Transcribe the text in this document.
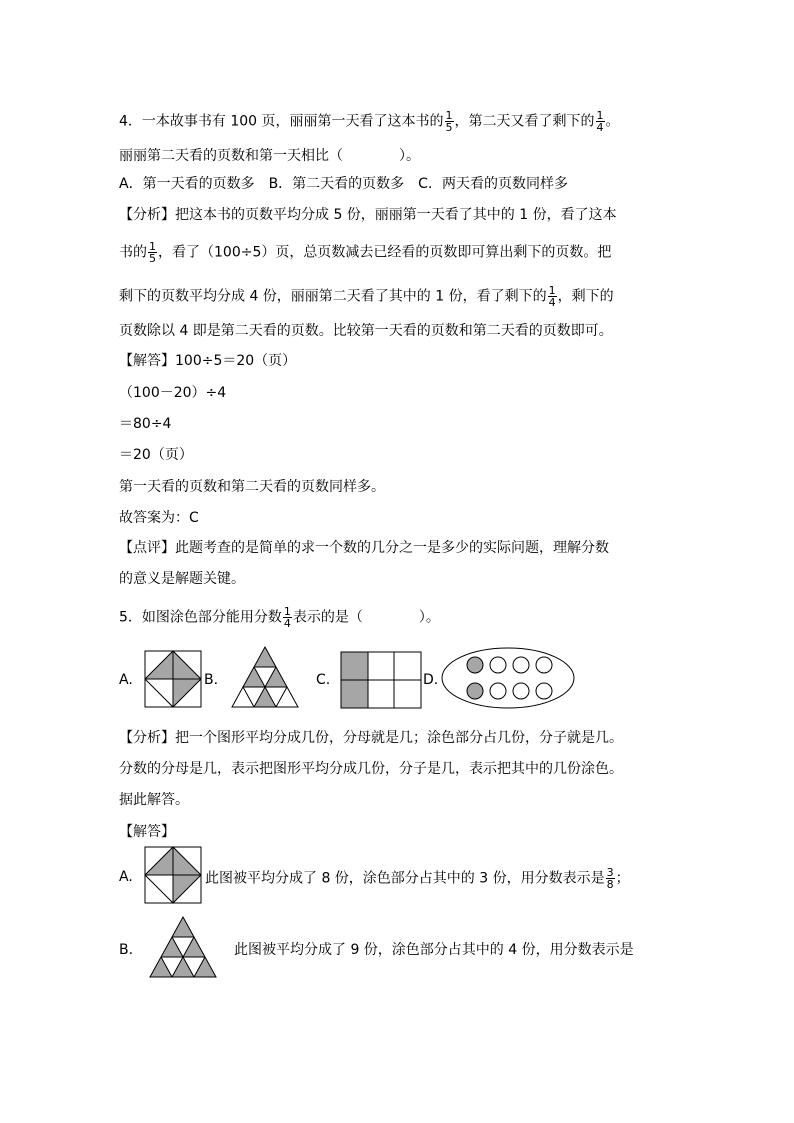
4．一本故事书有 100 页，丽丽第一天看了这本书的 $\frac{1}{5}$ ，第二天又看了剩下的 $\frac{1}{4}$ 。
丽丽第二天看的页数和第一天相比（　　　　）。
A．第一天看的页数多　B．第二天看的页数多　C．两天看的页数同样多
【分析】把这本书的页数平均分成 5 份，丽丽第一天看了其中的 1 份，看了这本
书的 $\frac{1}{5}$ ，看了（100÷5）页，总页数减去已经看的页数即可算出剩下的页数。把
剩下的页数平均分成 4 份，丽丽第二天看了其中的 1 份，看了剩下的 $\frac{1}{4}$ ，剩下的
页数除以 4 即是第二天看的页数。比较第一天看的页数和第二天看的页数即可。
【解答】100÷5＝20（页）
（100－20）÷4
＝80÷4
＝20（页）
第一天看的页数和第二天看的页数同样多。
故答案为：C
【点评】此题考查的是简单的求一个数的几分之一是多少的实际问题，理解分数
的意义是解题关键。
5．如图涂色部分能用分数 $\frac{1}{4}$ 表示的是（　　　　）。
A.	B.	C.	D.
【分析】把一个图形平均分成几份，分母就是几；涂色部分占几份，分子就是几。
分数的分母是几，表示把图形平均分成几份，分子是几，表示把其中的几份涂色。
据此解答。
【解答】
A.	此图被平均分成了 8 份，涂色部分占其中的 3 份，用分数表示是 $\frac{3}{8}$ ；
B.	此图被平均分成了 9 份，涂色部分占其中的 4 份，用分数表示是
